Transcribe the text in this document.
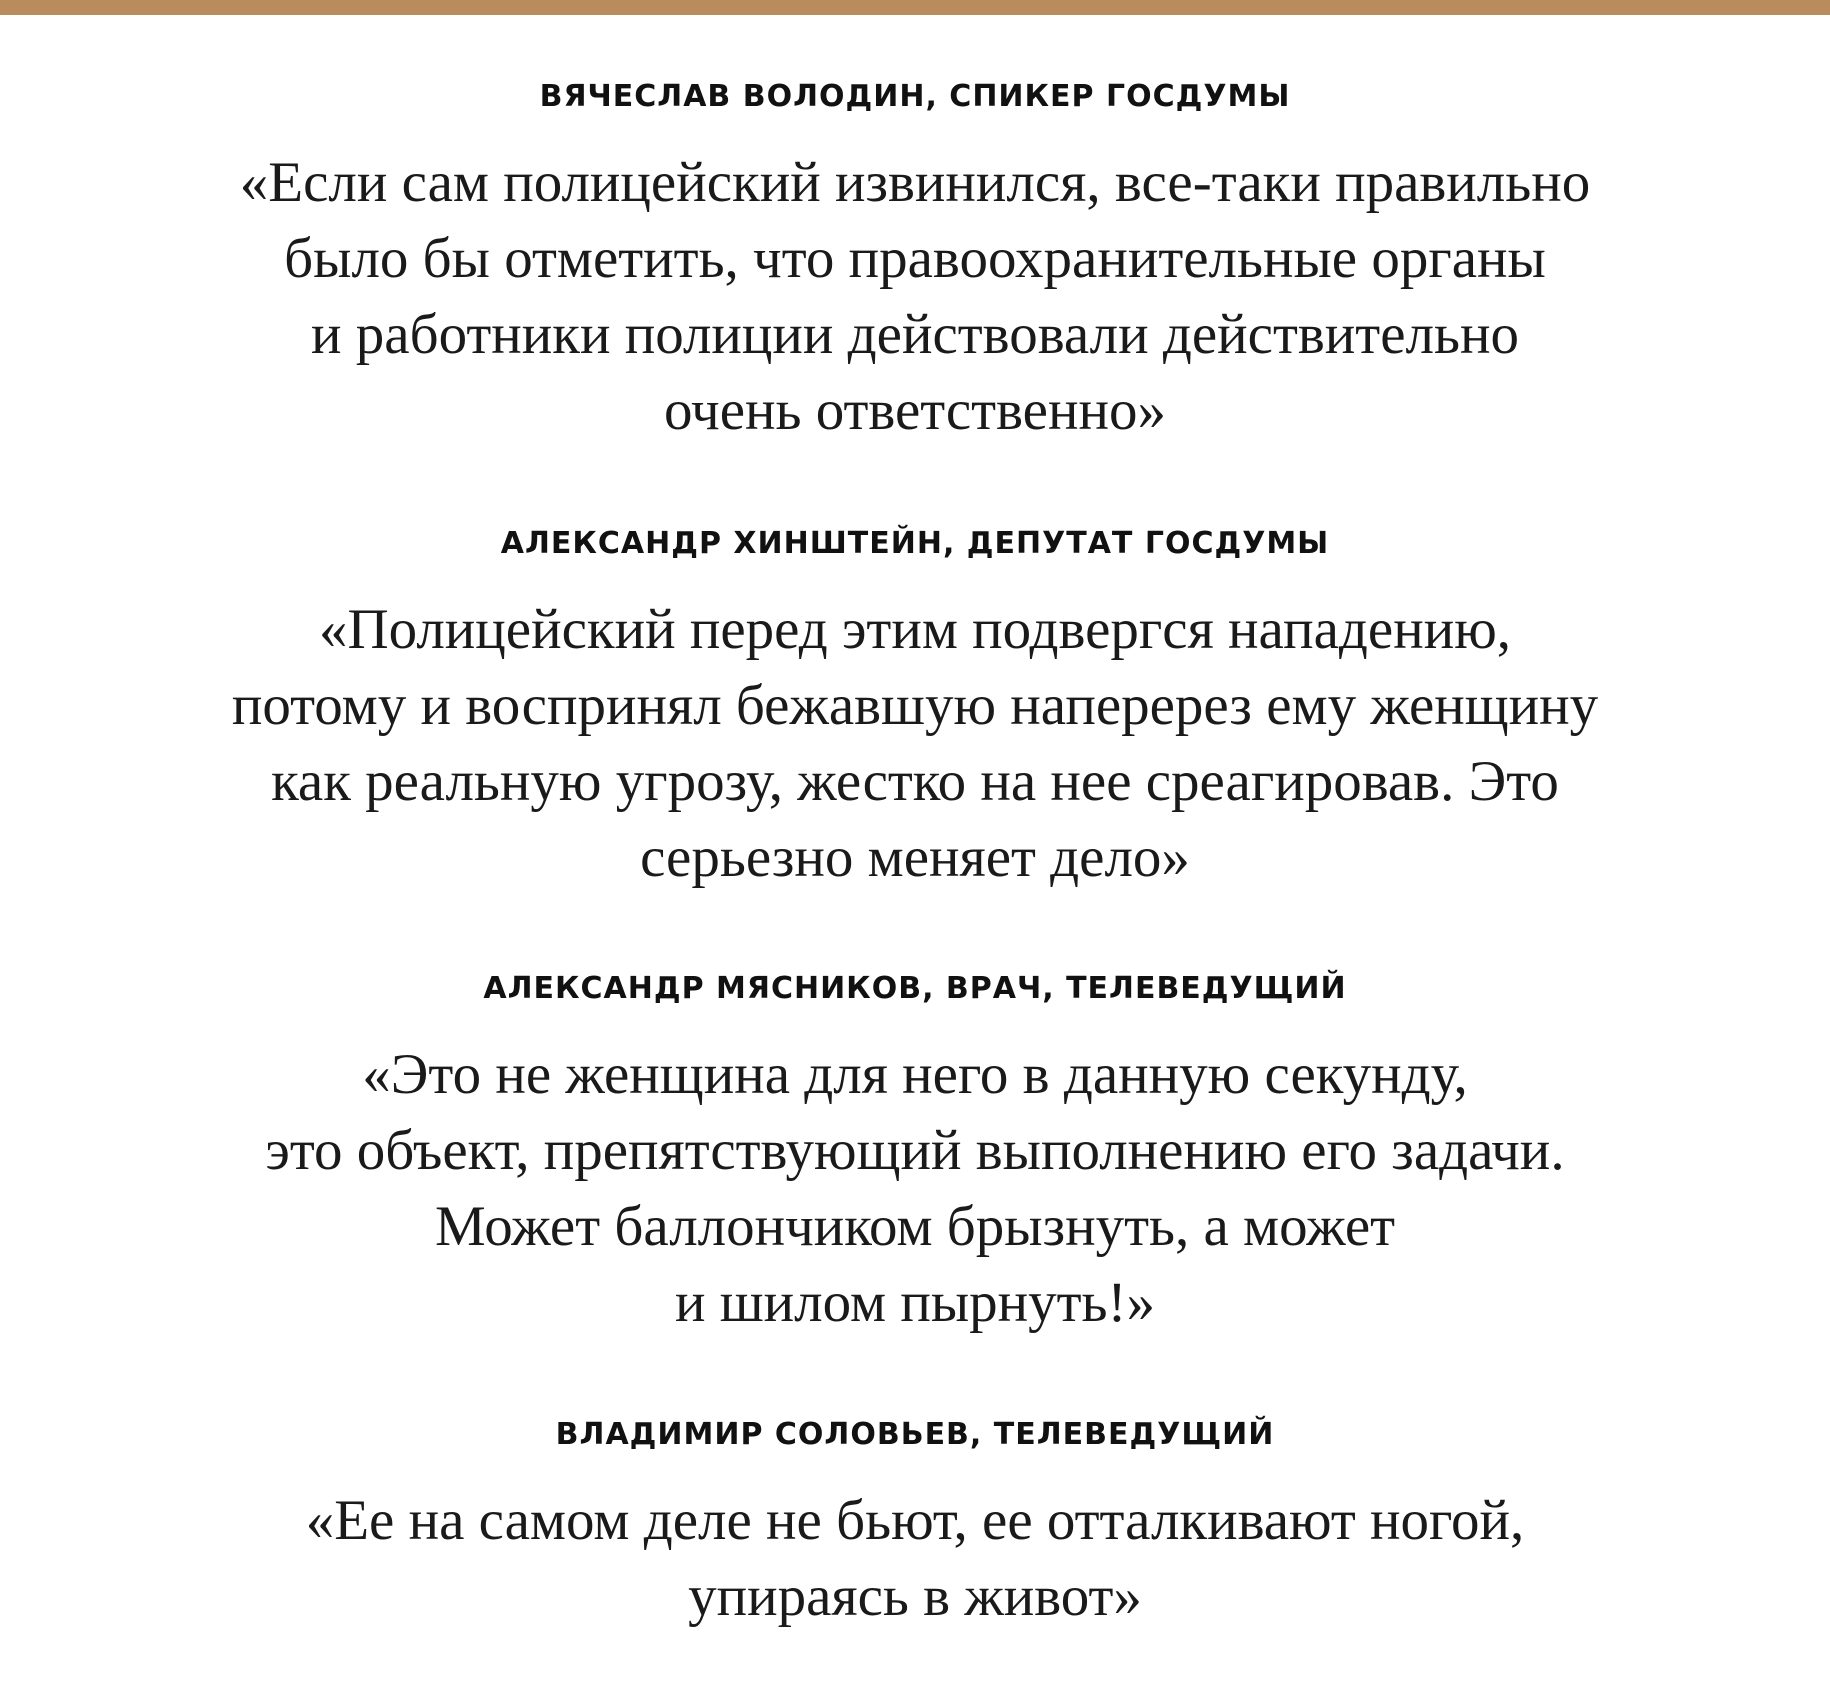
ВЯЧЕСЛАВ ВОЛОДИН, СПИКЕР ГОСДУМЫ
«Если сам полицейский извинился, все-таки правильно
было бы отметить, что правоохранительные органы
и работники полиции действовали действительно
очень ответственно»
АЛЕКСАНДР ХИНШТЕЙН, ДЕПУТАТ ГОСДУМЫ
«Полицейский перед этим подвергся нападению,
потому и воспринял бежавшую наперерез ему женщину
как реальную угрозу, жестко на нее среагировав. Это
серьезно меняет дело»
АЛЕКСАНДР МЯСНИКОВ, ВРАЧ, ТЕЛЕВЕДУЩИЙ
«Это не женщина для него в данную секунду,
это объект, препятствующий выполнению его задачи.
Может баллончиком брызнуть, а может
и шилом пырнуть!»
ВЛАДИМИР СОЛОВЬЕВ, ТЕЛЕВЕДУЩИЙ
«Ее на самом деле не бьют, ее отталкивают ногой,
упираясь в живот»
